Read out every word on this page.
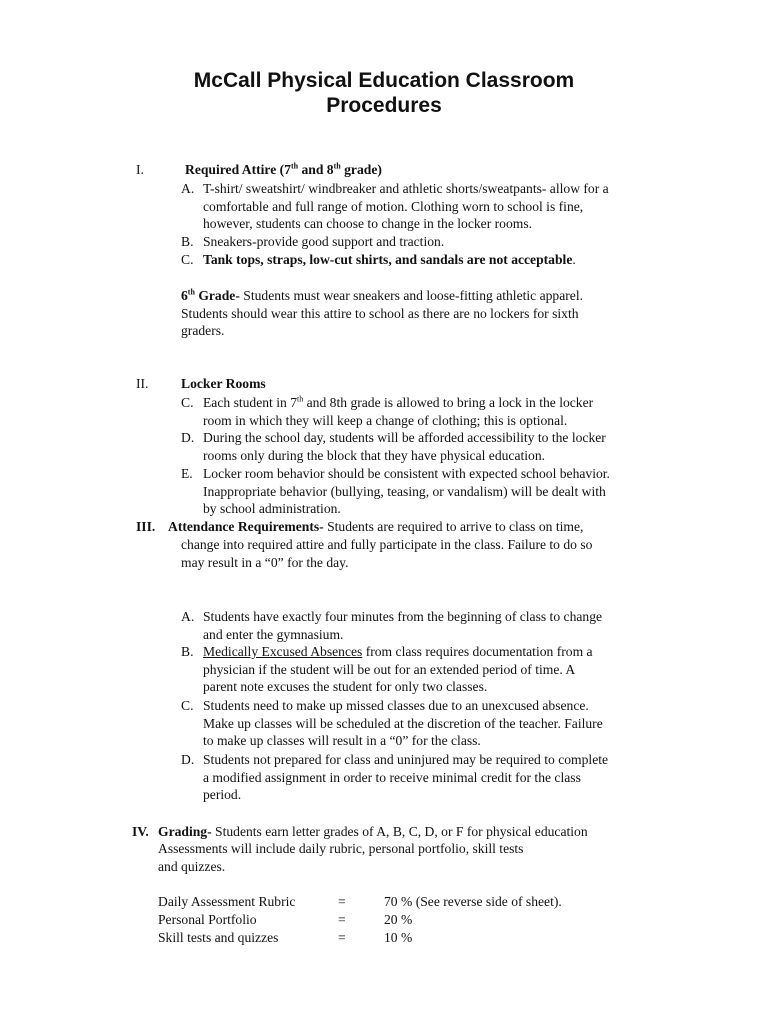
McCall Physical Education Classroom
Procedures
I.	Required Attire (7th and 8th grade)
A. T-shirt/ sweatshirt/ windbreaker and athletic shorts/sweatpants- allow for a
comfortable and full range of motion. Clothing worn to school is fine,
however, students can choose to change in the locker rooms.
B. Sneakers-provide good support and traction.
C. Tank tops, straps, low-cut shirts, and sandals are not acceptable.
6th Grade- Students must wear sneakers and loose-fitting athletic apparel.
Students should wear this attire to school as there are no lockers for sixth
graders.
II.	Locker Rooms
C. Each student in 7th and 8th grade is allowed to bring a lock in the locker
room in which they will keep a change of clothing; this is optional.
D. During the school day, students will be afforded accessibility to the locker
rooms only during the block that they have physical education.
E. Locker room behavior should be consistent with expected school behavior.
Inappropriate behavior (bullying, teasing, or vandalism) will be dealt with
by school administration.
III. Attendance Requirements- Students are required to arrive to class on time,
change into required attire and fully participate in the class. Failure to do so
may result in a “0” for the day.
A. Students have exactly four minutes from the beginning of class to change
and enter the gymnasium.
B. Medically Excused Absences from class requires documentation from a
physician if the student will be out for an extended period of time. A
parent note excuses the student for only two classes.
C. Students need to make up missed classes due to an unexcused absence.
Make up classes will be scheduled at the discretion of the teacher. Failure
to make up classes will result in a “0” for the class.
D. Students not prepared for class and uninjured may be required to complete
a modified assignment in order to receive minimal credit for the class
period.
IV. Grading- Students earn letter grades of A, B, C, D, or F for physical education
Assessments will include daily rubric, personal portfolio, skill tests
and quizzes.
Daily Assessment Rubric	=	70 % (See reverse side of sheet).
Personal Portfolio	=	20 %
Skill tests and quizzes	=	10 %
